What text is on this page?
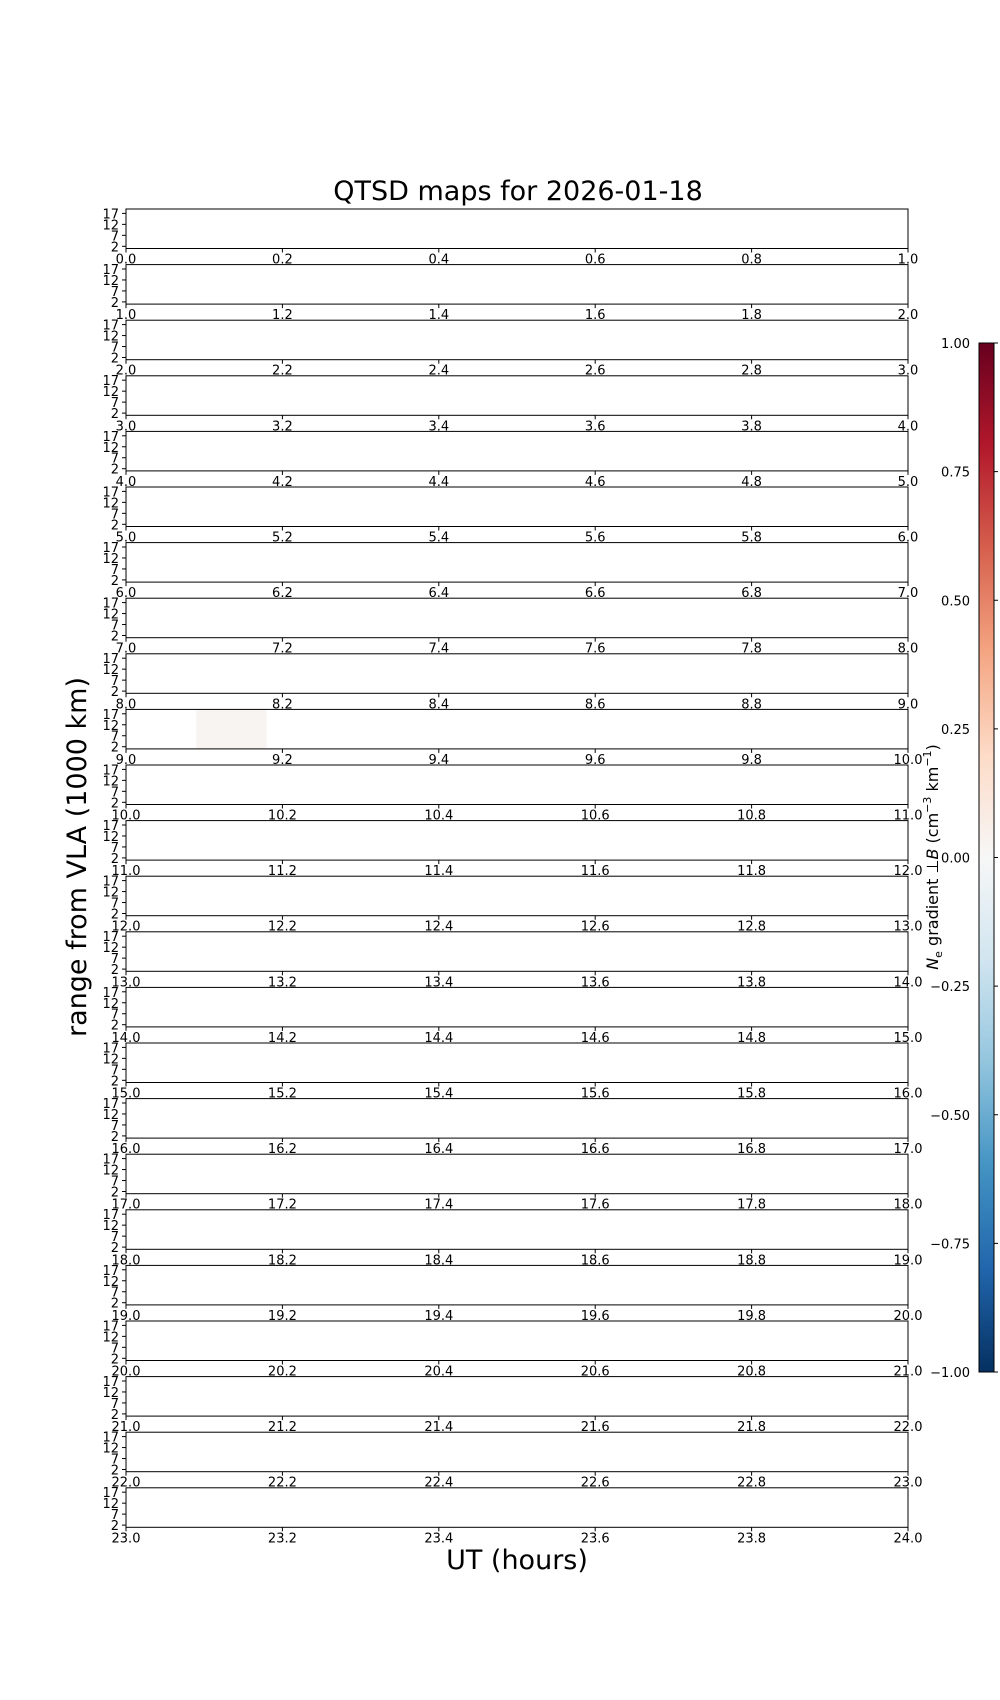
QTSD maps for 2026-01-18
0.0	0.2	0.4	0.6	0.8	1.0
17
12
7
2
1.0	1.2	1.4	1.6	1.8	2.0
17
12
7
2
2.0	2.2	2.4	2.6	2.8	3.0
17
12
7
2
3.0	3.2	3.4	3.6	3.8	4.0
17
12
7
2
4.0	4.2	4.4	4.6	4.8	5.0
17
12
7
2
5.0	5.2	5.4	5.6	5.8	6.0
17
12
7
2
6.0	6.2	6.4	6.6	6.8	7.0
17
12
7
2
7.0	7.2	7.4	7.6	7.8	8.0
17
12
7
2
8.0	8.2	8.4	8.6	8.8	9.0
17
12
7
2
9.0	9.2	9.4	9.6	9.8	10.0
17
12
7
2
10.0	10.2	10.4	10.6	10.8	11.0
17
12
7
2
11.0	11.2	11.4	11.6	11.8	12.0
17
12
7
2
12.0	12.2	12.4	12.6	12.8	13.0
17
12
7
2
13.0	13.2	13.4	13.6	13.8	14.0
17
12
7
2
14.0	14.2	14.4	14.6	14.8	15.0
17
12
7
2
15.0	15.2	15.4	15.6	15.8	16.0
17
12
7
2
16.0	16.2	16.4	16.6	16.8	17.0
17
12
7
2
17.0	17.2	17.4	17.6	17.8	18.0
17
12
7
2
18.0	18.2	18.4	18.6	18.8	19.0
17
12
7
2
19.0	19.2	19.4	19.6	19.8	20.0
17
12
7
2
20.0	20.2	20.4	20.6	20.8	21.0
17
12
7
2
21.0	21.2	21.4	21.6	21.8	22.0
17
12
7
2
22.0	22.2	22.4	22.6	22.8	23.0
17
12
7
2
23.0	23.2	23.4	23.6	23.8	24.0
17
12
7
2
UT (hours)
range from VLA (1000 km)
1.00
0.75
0.50
0.25
0.00
−0.25
−0.50
−0.75
−1.00
$N_e$ gradient ⊥B ($cm^{-3}$ $km^{-1}$)
